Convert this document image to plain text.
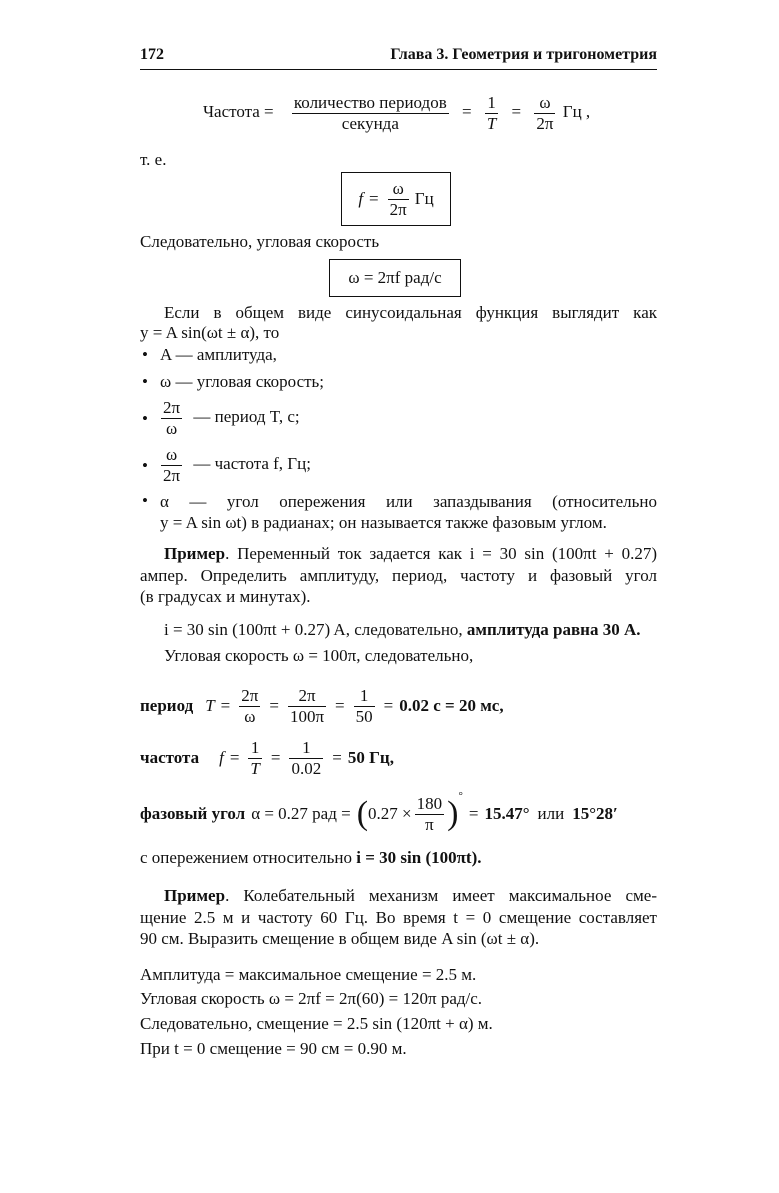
172	Глава 3. Геометрия и тригонометрия
Частота = $\frac{\text{количество периодов}}{\text{секунда}} = \frac{1}{T} = \frac{\omega}{2\pi}$ Гц ,
т. е.
$f = \frac{\omega}{2\pi}$ Гц
Следовательно, угловая скорость
ω = 2πf рад/с
Если в общем виде синусоидальная функция выглядит как
y = A sin(ωt ± α), то
• A — амплитуда,
• ω — угловая скорость;
• $\frac{2\pi}{\omega}$ — период T, с;
• $\frac{\omega}{2\pi}$ — частота f, Гц;
• α — угол опережения или запаздывания (относительно
y = A sin ωt) в радианах; он называется также фазовым углом.
Пример. Переменный ток задается как i = 30 sin (100πt + 0.27)
ампер. Определить амплитуду, период, частоту и фазовый угол
(в градусах и минутах).
i = 30 sin (100πt + 0.27) A, следовательно, амплитуда равна 30 A.
Угловая скорость ω = 100π, следовательно,
период $T = \frac{2\pi}{\omega} = \frac{2\pi}{100\pi} = \frac{1}{50} = 0.02$ с = 20 мс,
частота $f = \frac{1}{T} = \frac{1}{0.02} = 50$ Гц,
фазовый угол α = 0.27 рад = ( $0.27 \times \frac{180}{\pi}$ ) °
= 15.47° или 15°28′
с опережением относительно i = 30 sin (100πt).
Пример. Колебательный механизм имеет максимальное сме-
щение 2.5 м и частоту 60 Гц. Во время t = 0 смещение составляет
90 см. Выразить смещение в общем виде A sin (ωt ± α).
Амплитуда = максимальное смещение = 2.5 м.
Угловая скорость ω = 2πf = 2π(60) = 120π рад/с.
Следовательно, смещение = 2.5 sin (120πt + α) м.
При t = 0 смещение = 90 см = 0.90 м.
